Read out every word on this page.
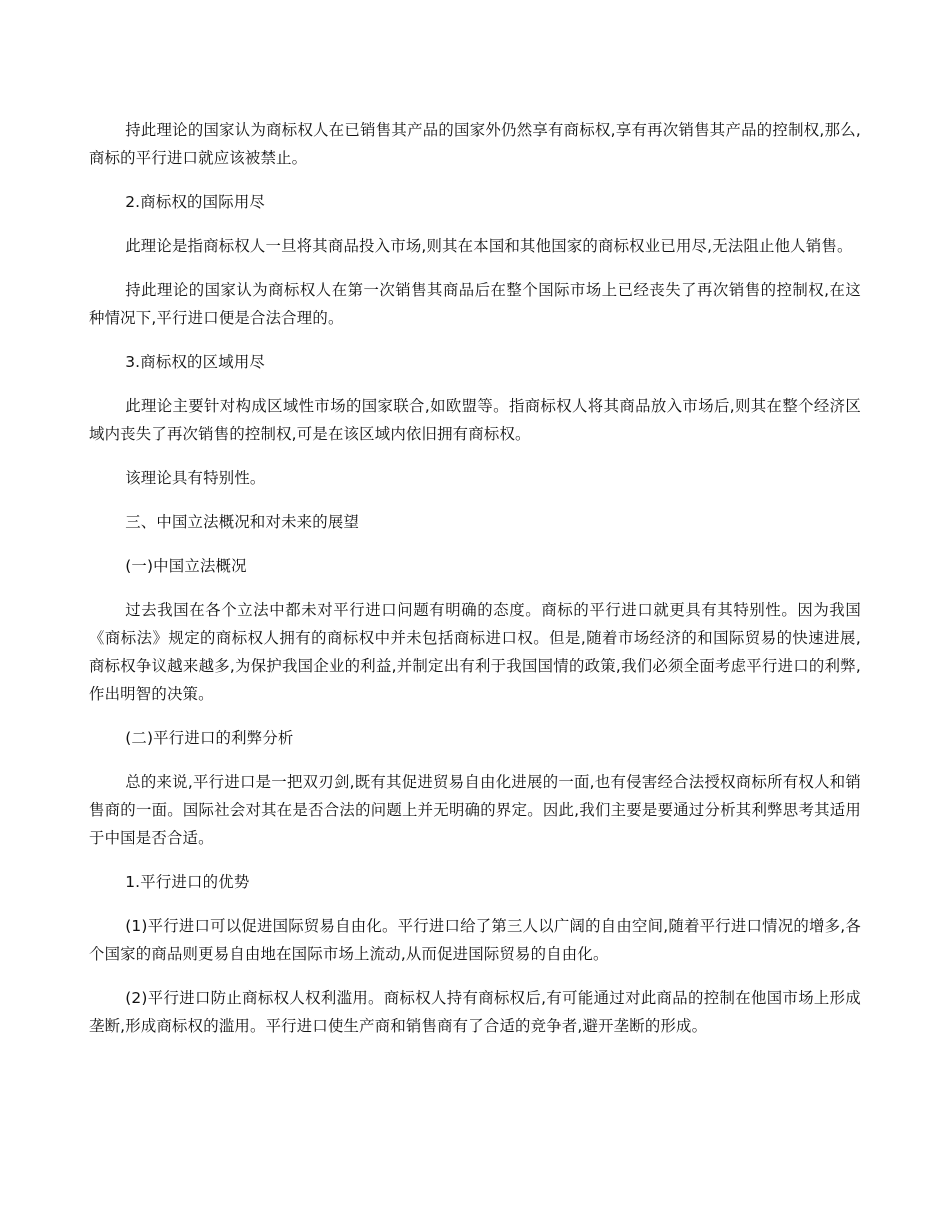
持此理论的国家认为商标权人在已销售其产品的国家外仍然享有商标权,享有再次销售其产品的控制权,那么,商标的平行进口就应该被禁止。

2.商标权的国际用尽

此理论是指商标权人一旦将其商品投入市场,则其在本国和其他国家的商标权业已用尽,无法阻止他人销售。

持此理论的国家认为商标权人在第一次销售其商品后在整个国际市场上已经丧失了再次销售的控制权,在这种情况下,平行进口便是合法合理的。

3.商标权的区域用尽

此理论主要针对构成区域性市场的国家联合,如欧盟等。指商标权人将其商品放入市场后,则其在整个经济区域内丧失了再次销售的控制权,可是在该区域内依旧拥有商标权。

该理论具有特别性。

三、中国立法概况和对未来的展望

(一)中国立法概况

过去我国在各个立法中都未对平行进口问题有明确的态度。商标的平行进口就更具有其特别性。因为我国《商标法》规定的商标权人拥有的商标权中并未包括商标进口权。但是,随着市场经济的和国际贸易的快速进展,商标权争议越来越多,为保护我国企业的利益,并制定出有利于我国国情的政策,我们必须全面考虑平行进口的利弊,作出明智的决策。

(二)平行进口的利弊分析

总的来说,平行进口是一把双刃剑,既有其促进贸易自由化进展的一面,也有侵害经合法授权商标所有权人和销售商的一面。国际社会对其在是否合法的问题上并无明确的界定。因此,我们主要是要通过分析其利弊思考其适用于中国是否合适。

1.平行进口的优势

(1)平行进口可以促进国际贸易自由化。平行进口给了第三人以广阔的自由空间,随着平行进口情况的增多,各个国家的商品则更易自由地在国际市场上流动,从而促进国际贸易的自由化。

(2)平行进口防止商标权人权利滥用。商标权人持有商标权后,有可能通过对此商品的控制在他国市场上形成垄断,形成商标权的滥用。平行进口使生产商和销售商有了合适的竞争者,避开垄断的形成。
